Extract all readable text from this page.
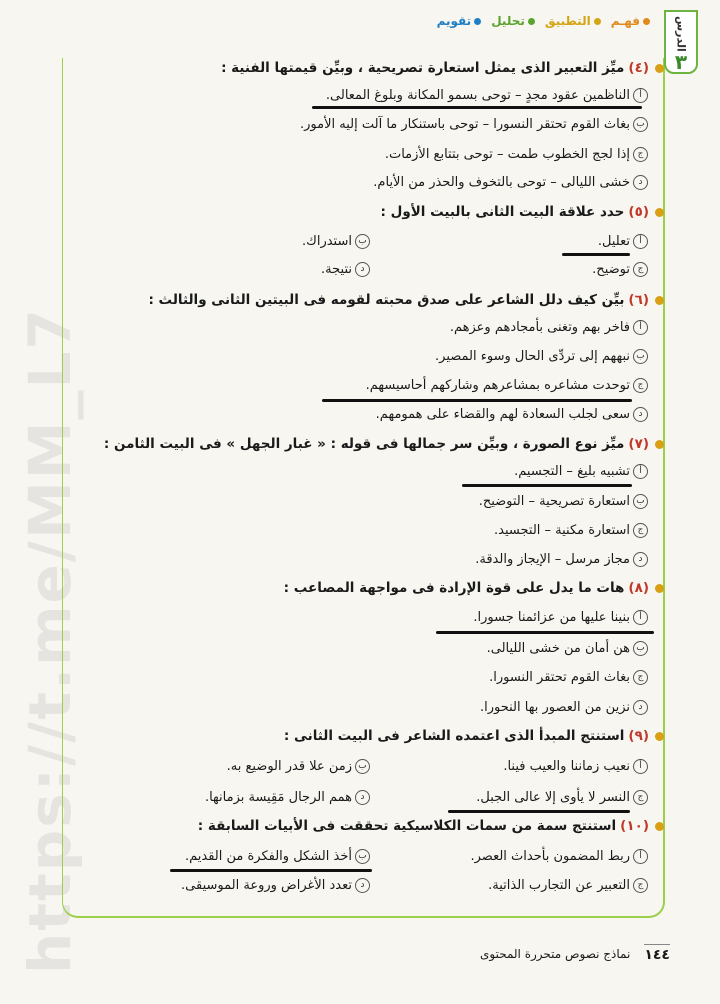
https://t.me/MM_L7
الدرس
٣
فهـم
التطبيق
تحليل
تقويم
(٤)
ميِّز التعبير الذى يمثل استعارة تصريحية ، وبيِّن قيمتها الفنية :
أ
الناظمين عقود مجدٍ – توحى بسمو المكانة وبلوغ المعالى.
ب
بغاث القوم تحتقر النسورا – توحى باستنكار ما آلت إليه الأمور.
ج
إذا لجج الخطوب طمت – توحى بتتابع الأزمات.
د
خشى الليالى – توحى بالتخوف والحذر من الأيام.
(٥)
حدد علاقة البيت الثانى بالبيت الأول :
أ
تعليل.
ب
استدراك.
ج
توضيح.
د
نتيجة.
(٦)
بيِّن كيف دلل الشاعر على صدق محبته لقومه فى البيتين الثانى والثالث :
أ
فاخر بهم وتغنى بأمجادهم وعزهم.
ب
نبههم إلى تردِّى الحال وسوء المصير.
ج
توحدت مشاعره بمشاعرهم وشاركهم أحاسيسهم.
د
سعى لجلب السعادة لهم والقضاء على همومهم.
(٧)
ميِّز نوع الصورة ، وبيِّن سر جمالها فى قوله : « غبار الجهل » فى البيت الثامن :
أ
تشبيه بليغ – التجسيم.
ب
استعارة تصريحية – التوضيح.
ج
استعارة مكنية – التجسيد.
د
مجاز مرسل – الإيجاز والدقة.
(٨)
هات ما يدل على قوة الإرادة فى مواجهة المصاعب :
أ
بنينا عليها من عزائمنا جسورا.
ب
هن أمان من خشى الليالى.
ج
بغاث القوم تحتقر النسورا.
د
نزين من العصور بها النحورا.
(٩)
استنتج المبدأ الذى اعتمده الشاعر فى البيت الثانى :
أ
نعيب زماننا والعيب فينا.
ب
زمن علا قدر الوضيع به.
ج
النسر لا يأوى إلا عالى الجبل.
د
همم الرجال مَقِيسة بزمانها.
(١٠)
استنتج سمة من سمات الكلاسيكية تحققت فى الأبيات السابقة :
أ
ربط المضمون بأحداث العصر.
ب
أخذ الشكل والفكرة من القديم.
ج
التعبير عن التجارب الذاتية.
د
تعدد الأغراض وروعة الموسيقى.
١٤٤
نماذج نصوص متحررة المحتوى
